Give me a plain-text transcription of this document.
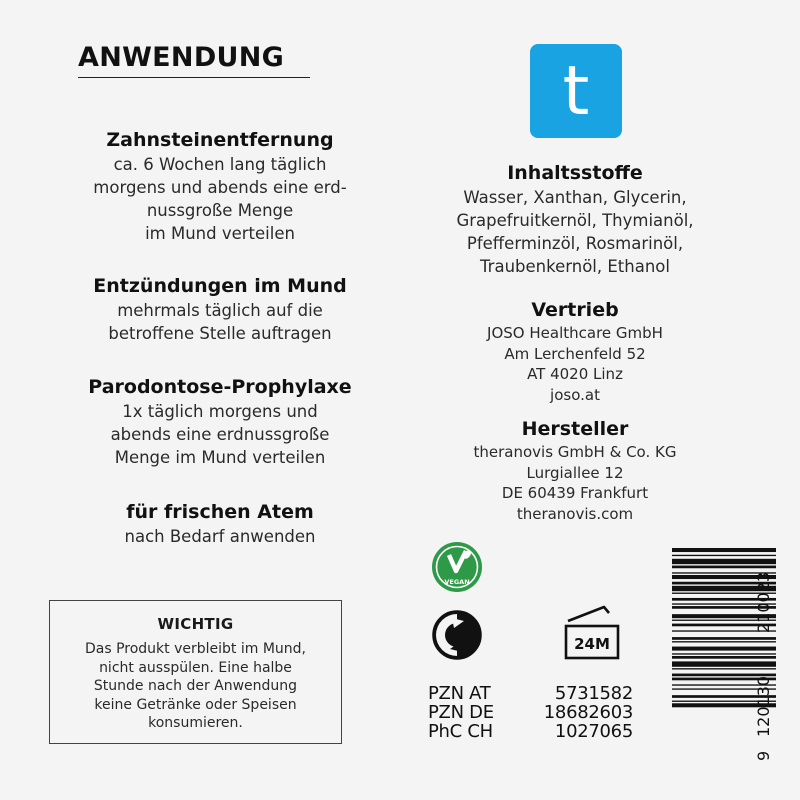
ANWENDUNG
Zahnsteinentfernung
ca. 6 Wochen lang täglich
morgens und abends eine erd-
nussgroße Menge
im Mund verteilen
Entzündungen im Mund
mehrmals täglich auf die
betroffene Stelle auftragen
Parodontose-Prophylaxe
1x täglich morgens und
abends eine erdnussgroße
Menge im Mund verteilen
für frischen Atem
nach Bedarf anwenden
t
Inhaltsstoffe
Wasser, Xanthan, Glycerin,
Grapefruitkernöl, Thymianöl,
Pfefferminzöl, Rosmarinöl,
Traubenkernöl, Ethanol
Vertrieb
JOSO Healthcare GmbH
Am Lerchenfeld 52
AT 4020 Linz
joso.at
Hersteller
theranovis GmbH & Co. KG
Lurgiallee 12
DE 60439 Frankfurt
theranovis.com
WICHTIG
Das Produkt verbleibt im Mund,
nicht ausspülen. Eine halbe
Stunde nach der Anwendung
keine Getränke oder Speisen
konsumieren.
VEGAN
24M
PZN AT	5731582
PZN DE	18682603
PhC CH	1027065
9
120130
210023
